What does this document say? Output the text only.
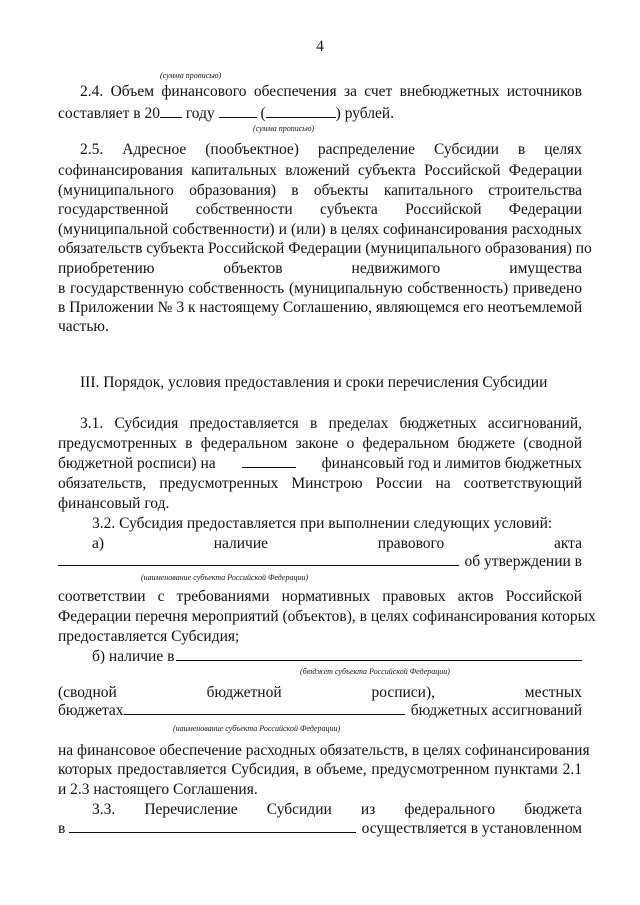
4
(сумма прописью)
2.4. Объем финансового обеспечения за счет внебюджетных источников
составляет в 20 году	(	) рублей.
(сумма прописью)
2.5. Адресное (пообъектное) распределение Субсидии в целях
софинансирования капитальных вложений субъекта Российской Федерации
(муниципального образования) в объекты капитального строительства
государственной собственности субъекта Российской Федерации
(муниципальной собственности) и (или) в целях софинансирования расходных
обязательств субъекта Российской Федерации (муниципального образования) по
приобретению объектов недвижимого имущества
в государственную собственность (муниципальную собственность) приведено
в Приложении № 3 к настоящему Соглашению, являющемся его неотъемлемой
частью.
III. Порядок, условия предоставления и сроки перечисления Субсидии
3.1. Субсидия предоставляется в пределах бюджетных ассигнований,
предусмотренных в федеральном законе о федеральном бюджете (сводной
бюджетной росписи) на	финансовый год и лимитов бюджетных
обязательств, предусмотренных Минстрою России на соответствующий
финансовый год.
3.2. Субсидия предоставляется при выполнении следующих условий:
а) наличие правового акта
об утверждении в
(наименование субъекта Российской Федерации)
соответствии с требованиями нормативных правовых актов Российской
Федерации перечня мероприятий (объектов), в целях софинансирования которых
предоставляется Субсидия;
б) наличие в
(бюджет субъекта Российской Федерации)
(сводной бюджетной росписи), местных
бюджетах	бюджетных ассигнований
(наименование субъекта Российской Федерации)
на финансовое обеспечение расходных обязательств, в целях софинансирования
которых предоставляется Субсидия, в объеме, предусмотренном пунктами 2.1
и 2.3 настоящего Соглашения.
3.3. Перечисление Субсидии из федерального бюджета
в	осуществляется в установленном
